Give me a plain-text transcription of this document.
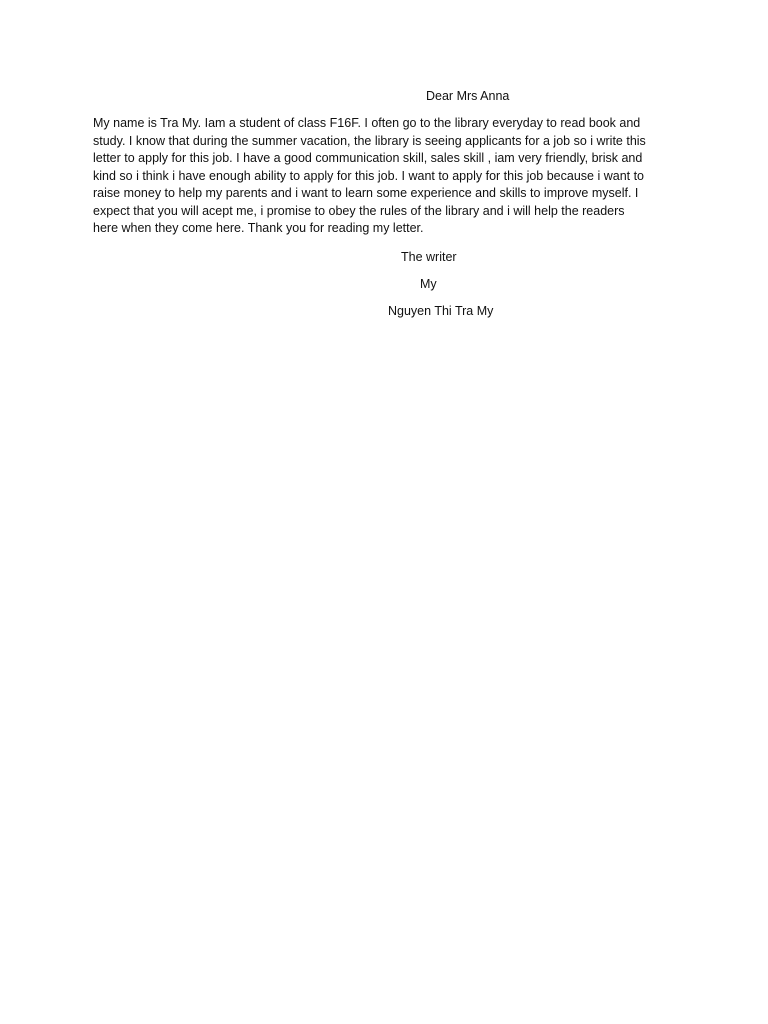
Dear Mrs Anna
My name is Tra My. Iam a student of class F16F. I often go to the library everyday to read book and
study. I know that during the summer vacation, the library is seeing applicants for a job so i write this
letter to apply for this job. I have a good communication skill, sales skill , iam very friendly, brisk and
kind so i think i have enough ability to apply for this job. I want to apply for this job because i want to
raise money to help my parents and i want to learn some experience and skills to improve myself. I
expect that you will acept me, i promise to obey the rules of the library and i will help the readers
here when they come here. Thank you for reading my letter.
The writer
My
Nguyen Thi Tra My
